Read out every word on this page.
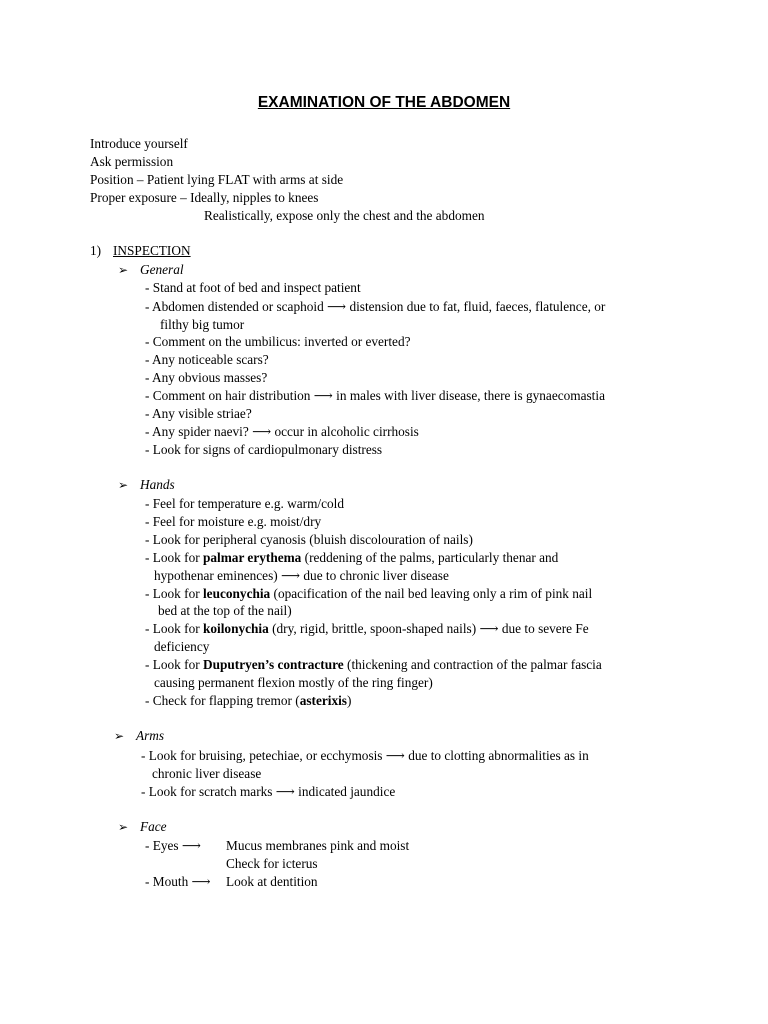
EXAMINATION OF THE ABDOMEN
Introduce yourself
Ask permission
Position – Patient lying FLAT with arms at side
Proper exposure – Ideally, nipples to knees
Realistically, expose only the chest and the abdomen
1) INSPECTION
➢ General
- Stand at foot of bed and inspect patient
- Abdomen distended or scaphoid ⟶ distension due to fat, fluid, faeces, flatulence, or
filthy big tumor
- Comment on the umbilicus: inverted or everted?
- Any noticeable scars?
- Any obvious masses?
- Comment on hair distribution ⟶ in males with liver disease, there is gynaecomastia
- Any visible striae?
- Any spider naevi? ⟶ occur in alcoholic cirrhosis
- Look for signs of cardiopulmonary distress
➢ Hands
- Feel for temperature e.g. warm/cold
- Feel for moisture e.g. moist/dry
- Look for peripheral cyanosis (bluish discolouration of nails)
- Look for palmar erythema (reddening of the palms, particularly thenar and
hypothenar eminences) ⟶ due to chronic liver disease
- Look for leuconychia (opacification of the nail bed leaving only a rim of pink nail
bed at the top of the nail)
- Look for koilonychia (dry, rigid, brittle, spoon-shaped nails) ⟶ due to severe Fe
deficiency
- Look for Duputryen’s contracture (thickening and contraction of the palmar fascia
causing permanent flexion mostly of the ring finger)
- Check for flapping tremor (asterixis)
➢ Arms
- Look for bruising, petechiae, or ecchymosis ⟶ due to clotting abnormalities as in
chronic liver disease
- Look for scratch marks ⟶ indicated jaundice
➢ Face
- Eyes ⟶ Mucus membranes pink and moist
Check for icterus
- Mouth ⟶ Look at dentition
